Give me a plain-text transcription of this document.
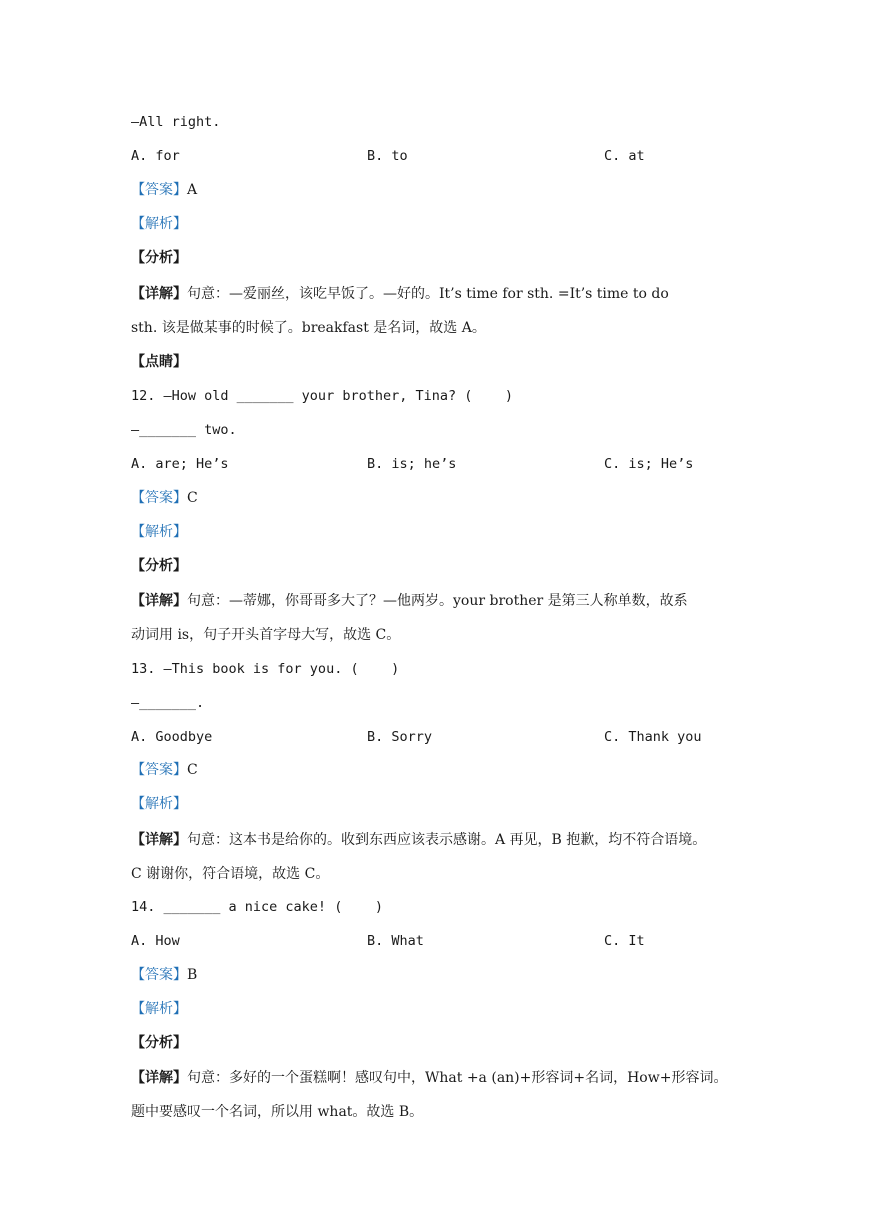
—All right.
A. for	B. to	C. at
【答案】A
【解析】
【分析】
【详解】句意：—爱丽丝，该吃早饭了。—好的。It’s time for sth. =It’s time to do
sth. 该是做某事的时候了。breakfast 是名词，故选 A。
【点睛】
12. —How old _______ your brother, Tina? (    )
—_______ two.
A. are; He’s	B. is; he’s	C. is; He’s
【答案】C
【解析】
【分析】
【详解】句意：—蒂娜，你哥哥多大了？—他两岁。your brother 是第三人称单数，故系
动词用 is，句子开头首字母大写，故选 C。
13. —This book is for you. (    )
—_______.
A. Goodbye	B. Sorry	C. Thank you
【答案】C
【解析】
【详解】句意：这本书是给你的。收到东西应该表示感谢。A 再见，B 抱歉，均不符合语境。
C 谢谢你，符合语境，故选 C。
14. _______ a nice cake! (    )
A. How	B. What	C. It
【答案】B
【解析】
【分析】
【详解】句意：多好的一个蛋糕啊！感叹句中，What +a (an)+形容词+名词，How+形容词。
题中要感叹一个名词，所以用 what。故选 B。
